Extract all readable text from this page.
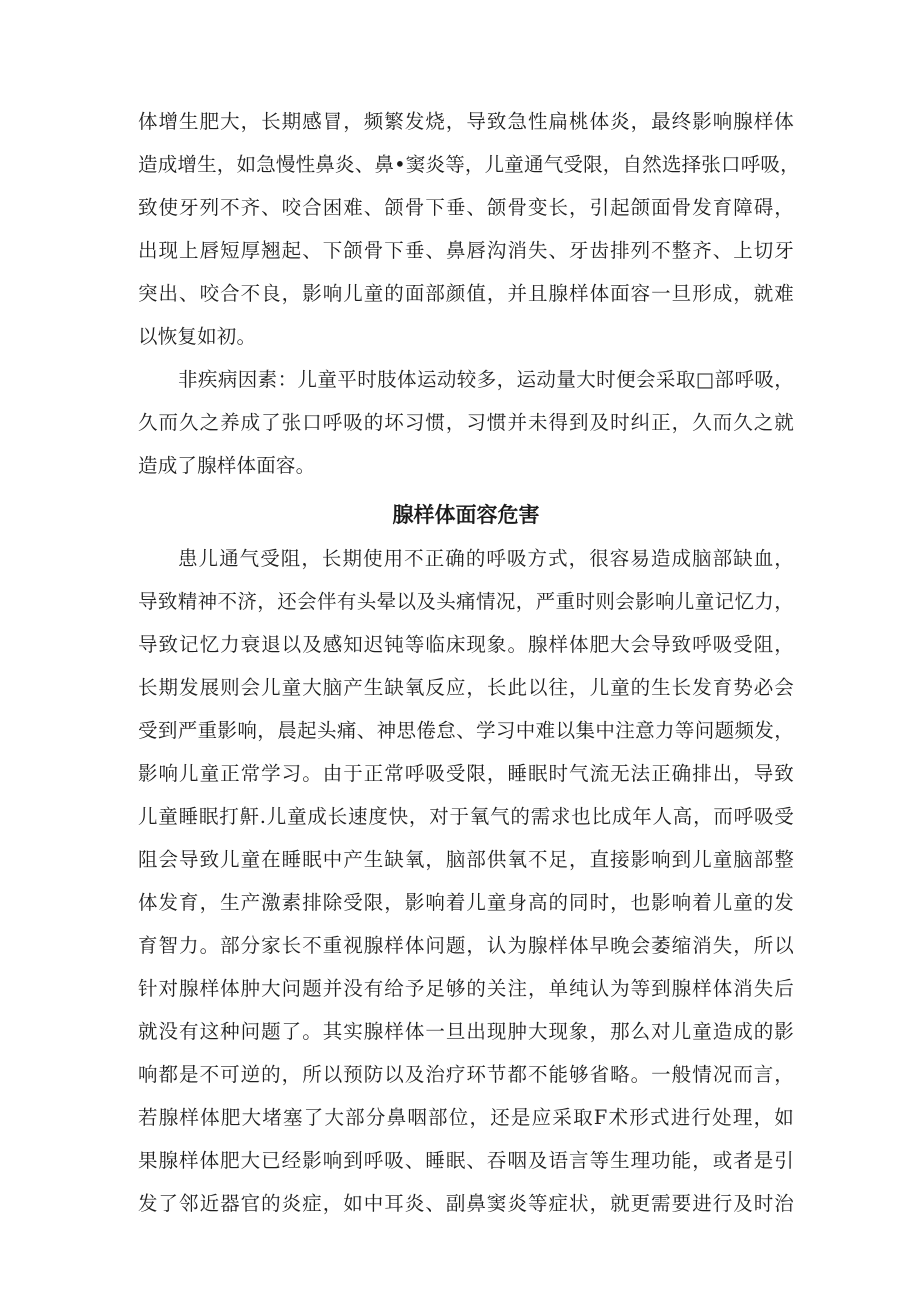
体增生肥大，长期感冒，频繁发烧，导致急性扁桃体炎，最终影响腺样体
造成增生，如急慢性鼻炎、鼻•窦炎等，儿童通气受限，自然选择张口呼吸，
致使牙列不齐、咬合困难、颌骨下垂、颌骨变长，引起颌面骨发育障碍，
出现上唇短厚翘起、下颌骨下垂、鼻唇沟消失、牙齿排列不整齐、上切牙
突出、咬合不良，影响儿童的面部颜值，并且腺样体面容一旦形成，就难
以恢复如初。
非疾病因素：儿童平时肢体运动较多，运动量大时便会采取□部呼吸，
久而久之养成了张口呼吸的坏习惯，习惯并未得到及时纠正，久而久之就
造成了腺样体面容。
腺样体面容危害
患儿通气受阻，长期使用不正确的呼吸方式，很容易造成脑部缺血，
导致精神不济，还会伴有头晕以及头痛情况，严重时则会影响儿童记忆力，
导致记忆力衰退以及感知迟钝等临床现象。腺样体肥大会导致呼吸受阻，
长期发展则会儿童大脑产生缺氧反应，长此以往，儿童的生长发育势必会
受到严重影响，晨起头痛、神思倦怠、学习中难以集中注意力等问题频发，
影响儿童正常学习。由于正常呼吸受限，睡眠时气流无法正确排出，导致
儿童睡眠打鼾.儿童成长速度快，对于氧气的需求也比成年人高，而呼吸受
阻会导致儿童在睡眠中产生缺氧，脑部供氧不足，直接影响到儿童脑部整
体发育，生产激素排除受限，影响着儿童身高的同时，也影响着儿童的发
育智力。部分家长不重视腺样体问题，认为腺样体早晚会萎缩消失，所以
针对腺样体肿大问题并没有给予足够的关注，单纯认为等到腺样体消失后
就没有这种问题了。其实腺样体一旦出现肿大现象，那么对儿童造成的影
响都是不可逆的，所以预防以及治疗环节都不能够省略。一般情况而言，
若腺样体肥大堵塞了大部分鼻咽部位，还是应采取F术形式进行处理，如
果腺样体肥大已经影响到呼吸、睡眠、吞咽及语言等生理功能，或者是引
发了邻近器官的炎症，如中耳炎、副鼻窦炎等症状，就更需要进行及时治
